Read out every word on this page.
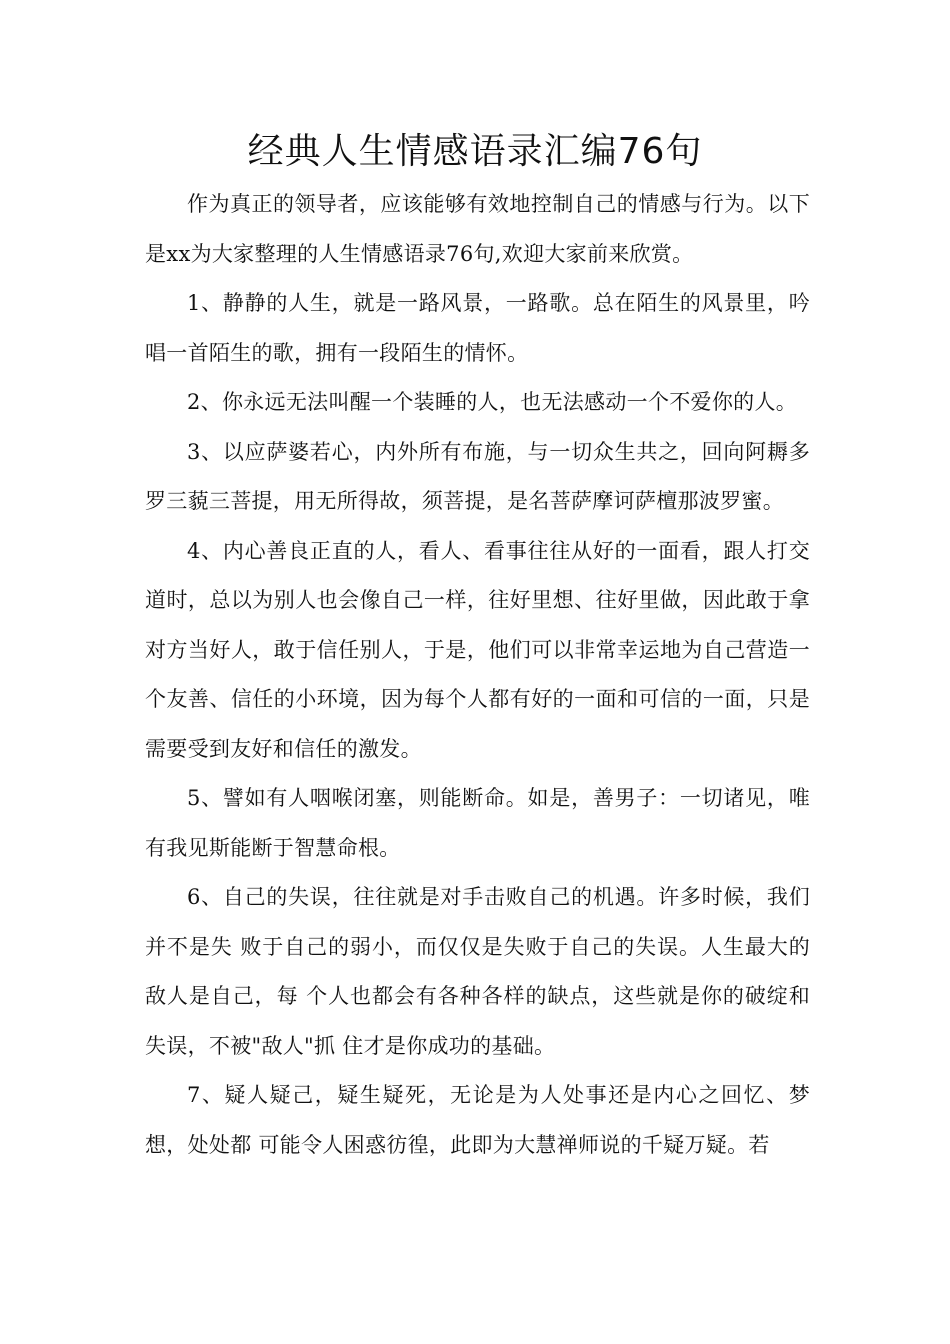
经典人生情感语录汇编76句

作为真正的领导者，应该能够有效地控制自己的情感与行为。以下是xx为大家整理的人生情感语录76句,欢迎大家前来欣赏。

1、静静的人生，就是一路风景，一路歌。总在陌生的风景里，吟唱一首陌生的歌，拥有一段陌生的情怀。

2、你永远无法叫醒一个装睡的人，也无法感动一个不爱你的人。

3、以应萨婆若心，内外所有布施，与一切众生共之，回向阿耨多罗三藐三菩提，用无所得故，须菩提，是名菩萨摩诃萨檀那波罗蜜。

4、内心善良正直的人，看人、看事往往从好的一面看，跟人打交道时，总以为别人也会像自己一样，往好里想、往好里做，因此敢于拿对方当好人，敢于信任别人，于是，他们可以非常幸运地为自己营造一个友善、信任的小环境，因为每个人都有好的一面和可信的一面，只是需要受到友好和信任的激发。

5、譬如有人咽喉闭塞，则能断命。如是，善男子：一切诸见，唯有我见斯能断于智慧命根。

6、自己的失误，往往就是对手击败自己的机遇。许多时候，我们并不是失 败于自己的弱小，而仅仅是失败于自己的失误。人生最大的敌人是自己，每 个人也都会有各种各样的缺点，这些就是你的破绽和失误，不被"敌人"抓 住才是你成功的基础。

7、疑人疑己，疑生疑死，无论是为人处事还是内心之回忆、梦想，处处都 可能令人困惑彷徨，此即为大慧禅师说的千疑万疑。若
